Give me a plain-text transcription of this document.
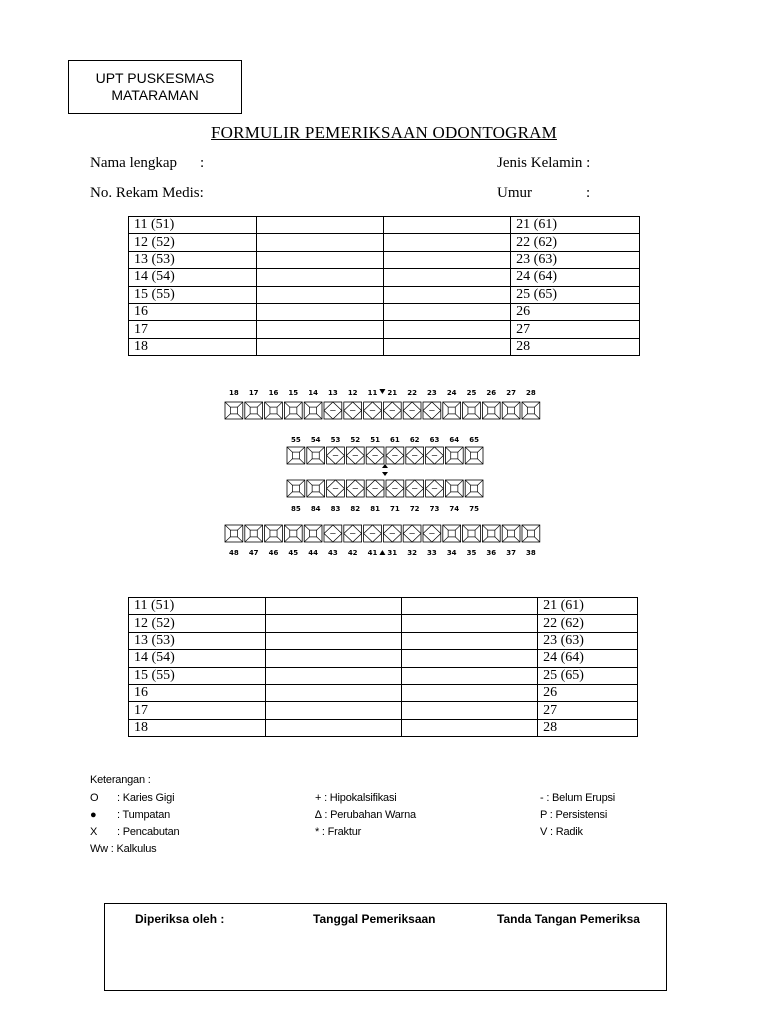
UPT PUSKESMAS
MATARAMAN
FORMULIR PEMERIKSAAN ODONTOGRAM
Nama lengkap :
No. Rekam Medis:
Jenis Kelamin :
Umur	:
11 (51)			21 (61)
12 (52)			22 (62)
13 (53)			23 (63)
14 (54)			24 (64)
15 (55)			25 (65)
16			26
17			27
18			28
18 17 16 15 14 13 12 11 21 22 23 24 25 26 27 28
48 47 46 45 44 43 42 41 31 32 33 34 35 36 37 38
55 54 53 52 51 61 62 63 64 65
85 84 83 82 81 71 72 73 74 75
11 (51)			21 (61)
12 (52)			22 (62)
13 (53)			23 (63)
14 (54)			24 (64)
15 (55)			25 (65)
16			26
17			27
18			28
Keterangan :
O : Karies Gigi
● : Tumpatan
X : Pencabutan
Ww : Kalkulus
+ : Hipokalsifikasi
∆ : Perubahan Warna
* : Fraktur
- : Belum Erupsi
P : Persistensi
V : Radik
Diperiksa oleh :	Tanggal Pemeriksaan	Tanda Tangan Pemeriksa
